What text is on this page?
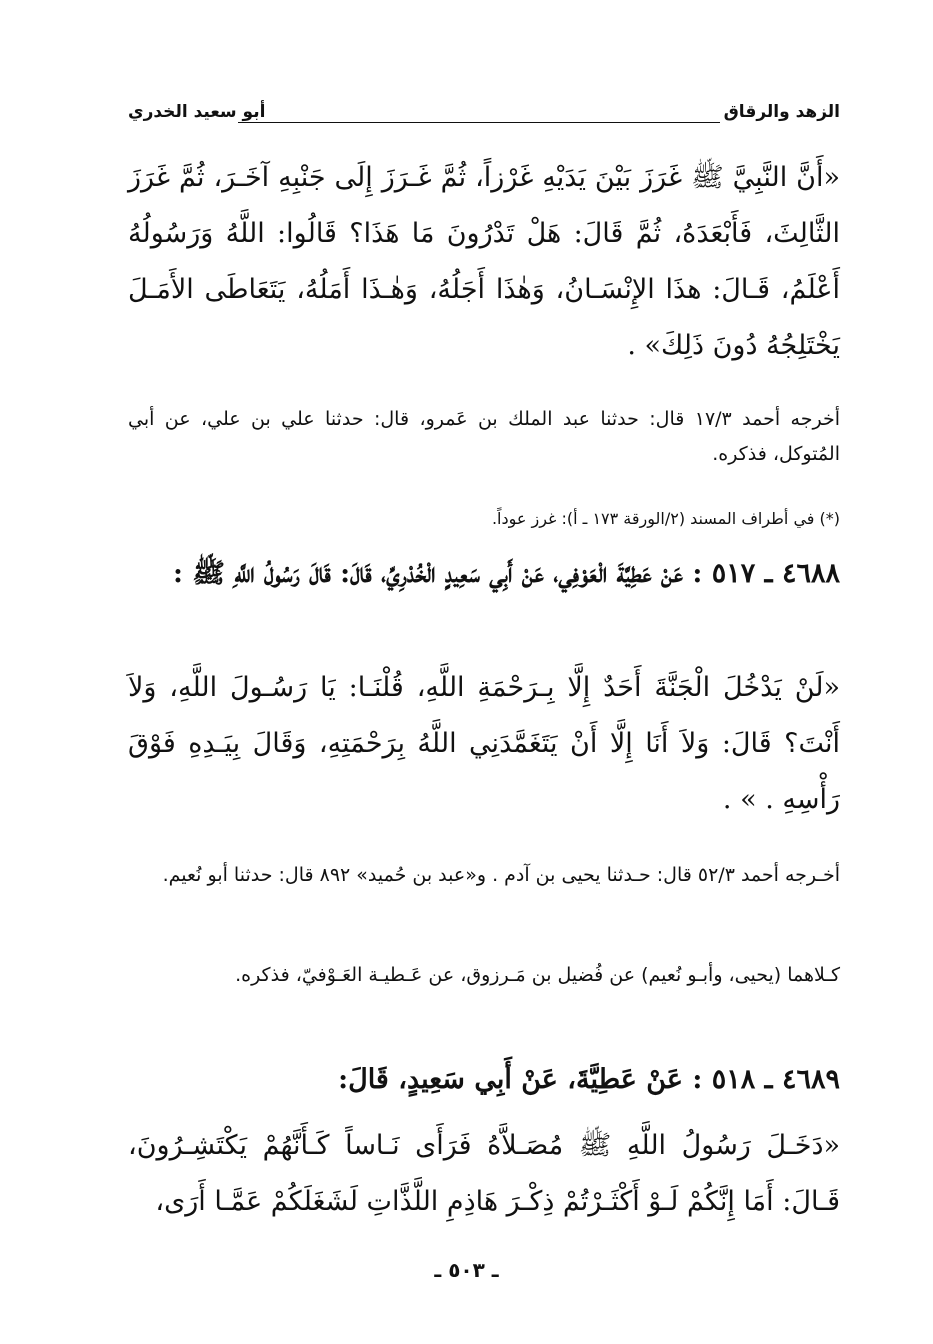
أبو سعيد الخدري	الزهد والرقاق
«أَنَّ النَّبِيَّ ﷺ غَرَزَ بَيْنَ يَدَيْهِ غَرْزاً، ثُمَّ غَـرَزَ إِلَى جَنْبِهِ آخَـرَ، ثُمَّ غَرَزَ الثَّالِثَ، فَأَبْعَدَهُ، ثُمَّ قَالَ: هَلْ تَدْرُونَ مَا هَذَا؟ قَالُوا: اللَّهُ وَرَسُولُهُ أَعْلَمُ، قَـالَ: هذَا الإِنْسَـانُ، وَهٰذَا أَجَلُهُ، وَهٰـذَا أَمَلُهُ، يَتَعَاطَى الأَمَـلَ يَخْتَلِجُهُ دُونَ ذَلِكَ» .
أخرجه أحمد ١٧/٣ قال: حدثنا عبد الملك بن عَمرو، قال: حدثنا علي بن علي، عن أبي المُتوكل، فذكره.
(*) في أطراف المسند (٢/الورقة ١٧٣ ـ أ): غرز عوداً.
٤٦٨٨ ـ ٥١٧ : عَنْ عَطِيَّةَ الْعَوْفِي، عَنْ أَبِي سَعِيدٍ الْخُدْرِيِّ، قَالَ: قَالَ رَسُولُ اللَّهِ ﷺ :
«لَنْ يَدْخُلَ الْجَنَّةَ أَحَدٌ إِلَّا بِـرَحْمَةِ اللَّهِ، قُلْنَـا: يَا رَسُـولَ اللَّهِ، وَلاَ أَنْتَ؟ قَالَ: وَلاَ أَنَا إِلَّا أَنْ يَتَغَمَّدَنِي اللَّهُ بِرَحْمَتِهِ، وَقَالَ بِيَـدِهِ فَوْقَ رَأْسِهِ . » .
أخـرجه أحمد ٥٢/٣ قال: حـدثنا يحيى بن آدم . و«عبد بن حُميد» ٨٩٢ قال: حدثنا أبو نُعيم.
كـلاهما (يحيى، وأبـو نُعيم) عن فُضيل بن مَـرزوق، عن عَـطيـة العَـوْفيّ، فذكره.
٤٦٨٩ ـ ٥١٨ : عَنْ عَطِيَّةَ، عَنْ أَبِي سَعِيدٍ، قَالَ:
«دَخَـلَ رَسُولُ اللَّهِ ﷺ مُصَـلاَّهُ فَرَأَى نَـاساً كَـأَنَّهُمْ يَكْتَشِـرُونَ، قَـالَ: أَمَا إِنَّكُمْ لَـوْ أَكْثَـرْتُمْ ذِكْـرَ هَاذِمِ اللَّذَّاتِ لَشَغَلَكُمْ عَمَّـا أَرَى،
ـ ٥٠٣ ـ
